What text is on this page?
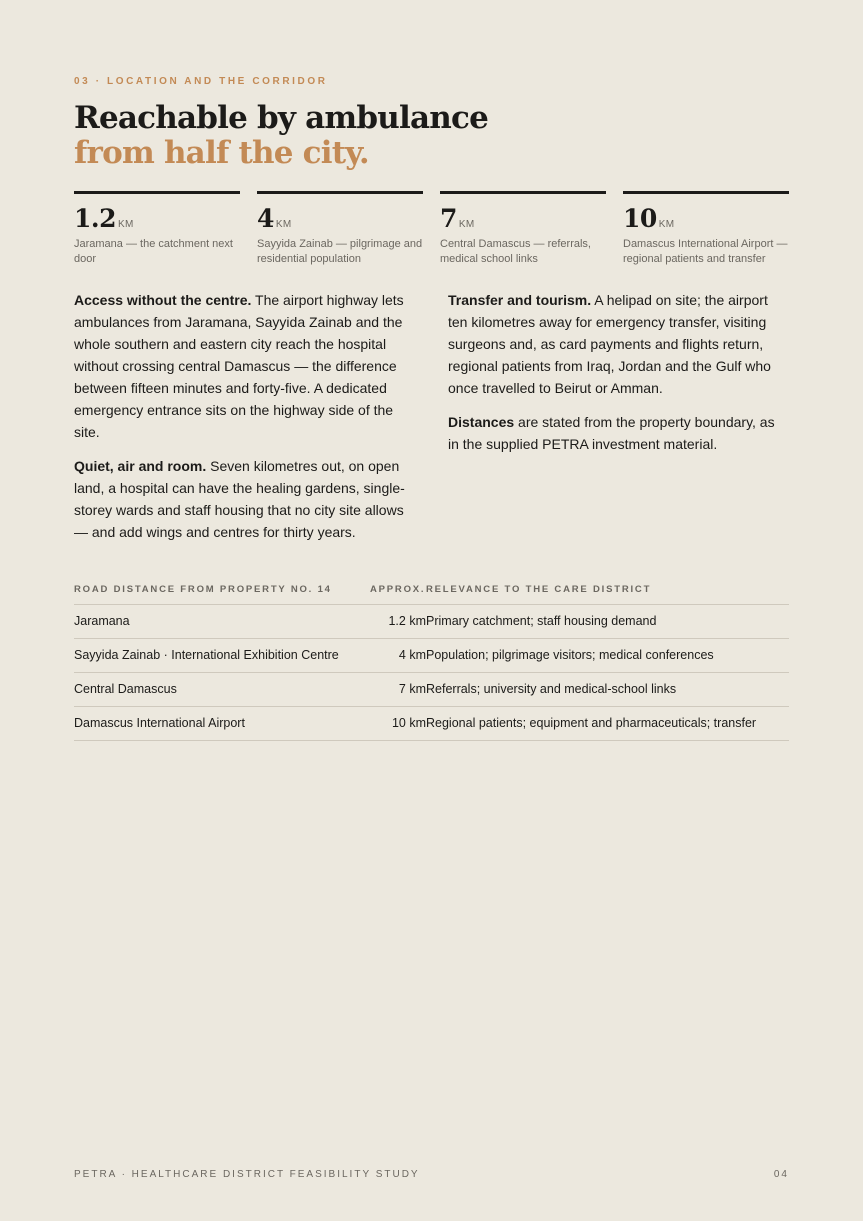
03 · LOCATION AND THE CORRIDOR
Reachable by ambulance
from half the city.
1.2 KM
Jaramana — the catchment next door
4 KM
Sayyida Zainab — pilgrimage and residential population
7 KM
Central Damascus — referrals, medical school links
10 KM
Damascus International Airport — regional patients and transfer

Access without the centre. The airport highway lets ambulances from Jaramana, Sayyida Zainab and the whole southern and eastern city reach the hospital without crossing central Damascus — the difference between fifteen minutes and forty-five. A dedicated emergency entrance sits on the highway side of the site.

Quiet, air and room. Seven kilometres out, on open land, a hospital can have the healing gardens, single-storey wards and staff housing that no city site allows — and add wings and centres for thirty years.

Transfer and tourism. A helipad on site; the airport ten kilometres away for emergency transfer, visiting surgeons and, as card payments and flights return, regional patients from Iraq, Jordan and the Gulf who once travelled to Beirut or Amman.

Distances are stated from the property boundary, as in the supplied PETRA investment material.

ROAD DISTANCE FROM PROPERTY NO. 14	APPROX. RELEVANCE TO THE CARE DISTRICT
Jaramana	1.2 km Primary catchment; staff housing demand
Sayyida Zainab · International Exhibition Centre	4 km Population; pilgrimage visitors; medical conferences
Central Damascus	7 km Referrals; university and medical-school links
Damascus International Airport	10 km Regional patients; equipment and pharmaceuticals; transfer
PETRA · HEALTHCARE DISTRICT FEASIBILITY STUDY	04
